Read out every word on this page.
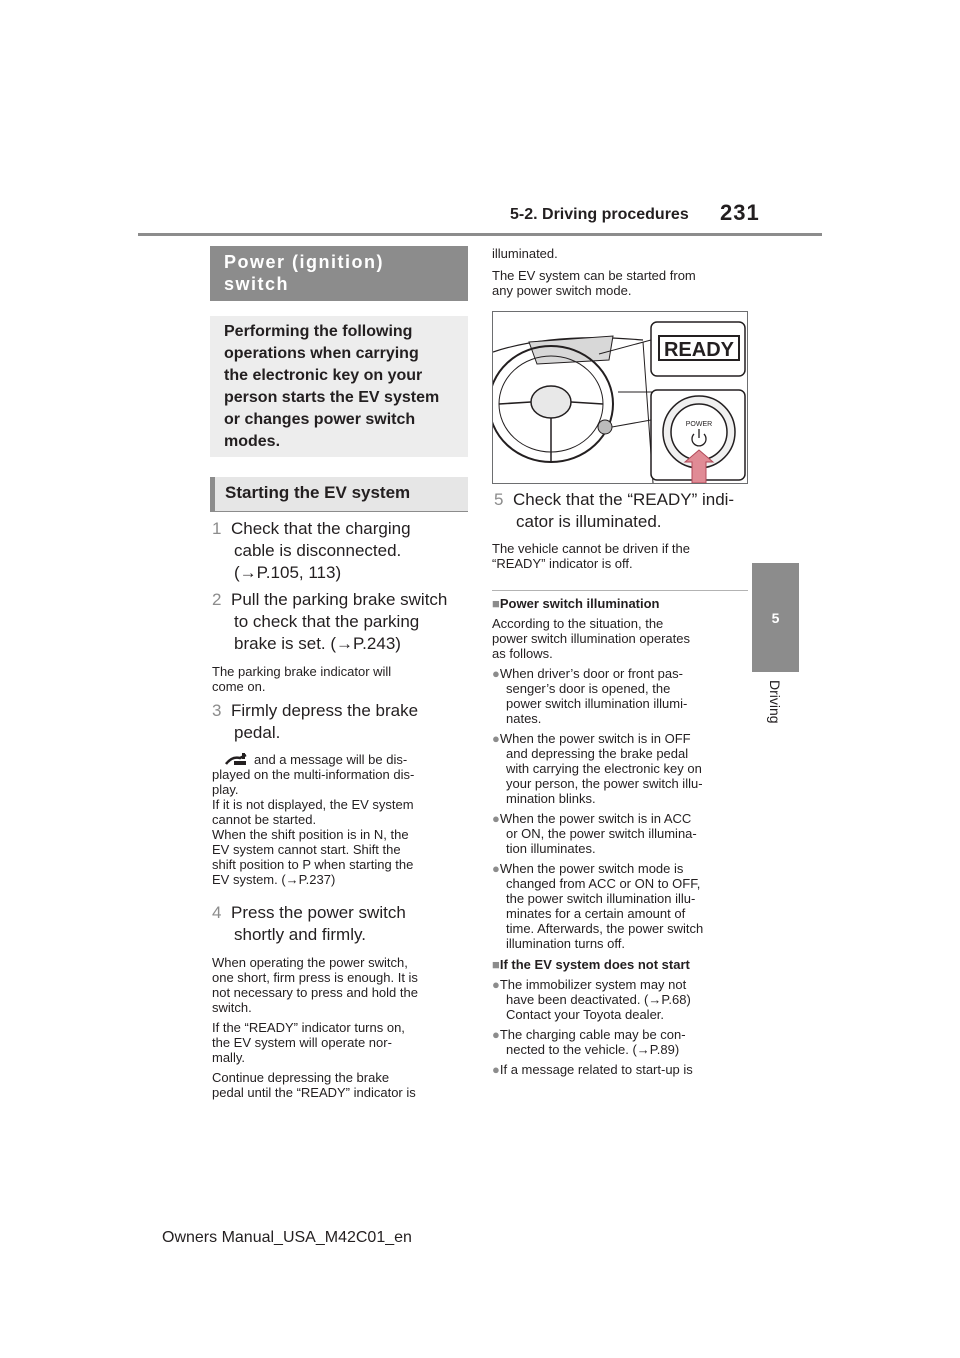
5-2. Driving procedures 231
5
Driving
Power (ignition)
switch
Performing the following
operations when carrying
the electronic key on your
person starts the EV system
or changes power switch
modes.
Starting the EV system
1 Check that the charging
cable is disconnected.
(→P.105, 113)
2 Pull the parking brake switch
to check that the parking
brake is set. (→P.243)
The parking brake indicator will
come on.
3 Firmly depress the brake
pedal.
and a message will be dis-
played on the multi-information dis-
play.
If it is not displayed, the EV system
cannot be started.
When the shift position is in N, the
EV system cannot start. Shift the
shift position to P when starting the
EV system. (→P.237)
4 Press the power switch
shortly and firmly.
When operating the power switch,
one short, firm press is enough. It is
not necessary to press and hold the
switch.
If the “READY” indicator turns on,
the EV system will operate nor-
mally.
Continue depressing the brake
pedal until the “READY” indicator is
illuminated.
The EV system can be started from
any power switch mode.
READY
POWER
5 Check that the “READY” indi-
cator is illuminated.
The vehicle cannot be driven if the
“READY” indicator is off.
■Power switch illumination
According to the situation, the
power switch illumination operates
as follows.
●When driver’s door or front pas-
senger’s door is opened, the
power switch illumination illumi-
nates.
●When the power switch is in OFF
and depressing the brake pedal
with carrying the electronic key on
your person, the power switch illu-
mination blinks.
●When the power switch is in ACC
or ON, the power switch illumina-
tion illuminates.
●When the power switch mode is
changed from ACC or ON to OFF,
the power switch illumination illu-
minates for a certain amount of
time. Afterwards, the power switch
illumination turns off.
■If the EV system does not start
●The immobilizer system may not
have been deactivated. (→P.68)
Contact your Toyota dealer.
●The charging cable may be con-
nected to the vehicle. (→P.89)
●If a message related to start-up is
Owners Manual_USA_M42C01_en
